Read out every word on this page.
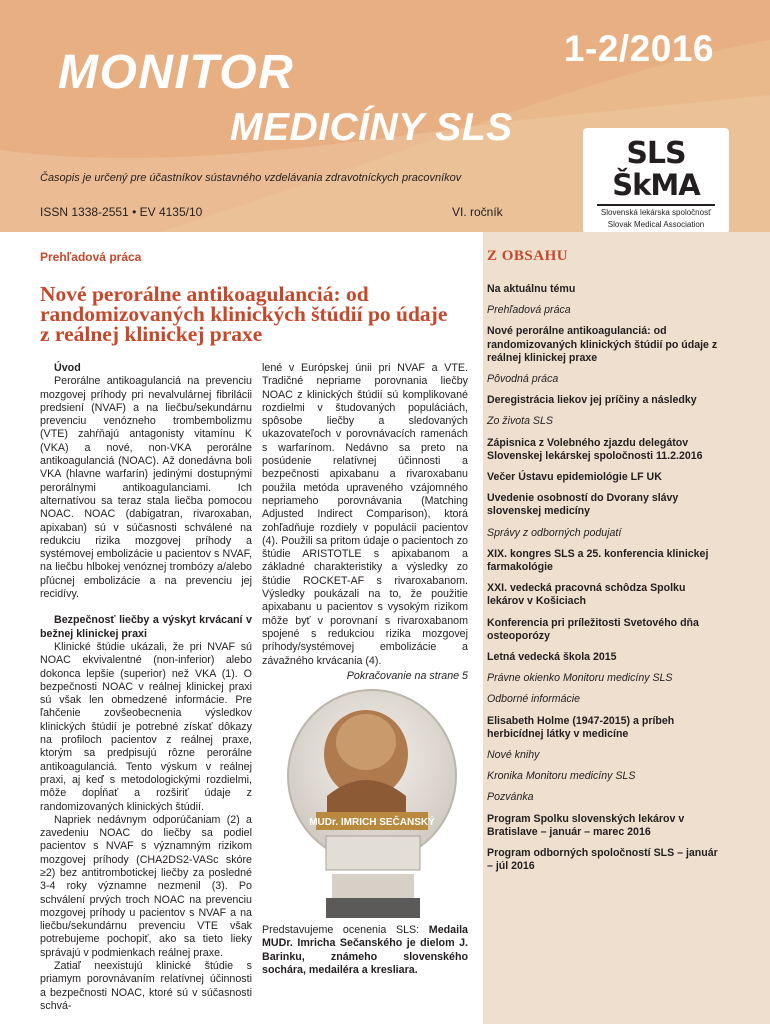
1-2/2016
MONITOR
MEDICÍNY SLS
Časopis je určený pre účastníkov sústavného vzdelávania zdravotníckych pracovníkov
ISSN 1338-2551 • EV 4135/10	VI. ročník
SLS
ŠkMA
Slovenská lekárska spoločnosť
Slovak Medical Association
Prehľadová práca
Nové perorálne antikoagulanciá: od randomizovaných klinických štúdií po údaje z reálnej klinickej praxe
Úvod

Perorálne antikoagulanciá na prevenciu mozgovej príhody pri nevalvulárnej fibrilácii predsiení (NVAF) a na liečbu/sekundárnu prevenciu venózneho trombembolizmu (VTE) zahŕňajú antagonisty vitamínu K (VKA) a nové, non-VKA perorálne antikoagulanciá (NOAC). Až donedávna boli VKA (hlavne warfarín) jedinými dostupnými perorálnymi antikoagulanciami. Ich alternatívou sa teraz stala liečba pomocou NOAC. NOAC (dabigatran, rivaroxaban, apixaban) sú v súčasnosti schválené na redukciu rizika mozgovej príhody a systémovej embolizácie u pacientov s NVAF, na liečbu hlbokej venóznej trombózy a/alebo pľúcnej embolizácie a na prevenciu jej recidívy.

Bezpečnosť liečby a výskyt krvácaní v bežnej klinickej praxi

Klinické štúdie ukázali, že pri NVAF sú NOAC ekvivalentné (non-inferior) alebo dokonca lepšie (superior) než VKA (1). O bezpečnosti NOAC v reálnej klinickej praxi sú však len obmedzené informácie. Pre ľahčenie zovšeobecnenia výsledkov klinických štúdií je potrebné získať dôkazy na profiloch pacientov z reálnej praxe, ktorým sa predpisujú rôzne perorálne antikoagulanciá. Tento výskum v reálnej praxi, aj keď s metodologickými rozdielmi, môže dopĺňať a rozširiť údaje z randomizovaných klinických štúdií.

Napriek nedávnym odporúčaniam (2) a zavedeniu NOAC do liečby sa podiel pacientov s NVAF s významným rizikom mozgovej príhody (CHA2DS2-VASc skóre ≥2) bez antitrombotickej liečby za posledné 3-4 roky významne nezmenil (3). Po schválení prvých troch NOAC na prevenciu mozgovej príhody u pacientov s NVAF a na liečbu/sekundárnu prevenciu VTE však potrebujeme pochopiť, ako sa tieto lieky správajú v podmienkach reálnej praxe.

Zatiaľ neexistujú klinické štúdie s priamym porovnávaním relatívnej účinnosti a bezpečnosti NOAC, ktoré sú v súčasnosti schvá-

lené v Európskej únii pri NVAF a VTE. Tradičné nepriame porovnania liečby NOAC z klinických štúdií sú komplikované rozdielmi v študovaných populáciách, spôsobe liečby a sledovaných ukazovateľoch v porovnávacích ramenách s warfarínom. Nedávno sa preto na posúdenie relatívnej účinnosti a bezpečnosti apixabanu a rivaroxabanu použila metóda upraveného vzájomného nepriameho porovnávania (Matching Adjusted Indirect Comparison), ktorá zohľadňuje rozdiely v populácii pacientov (4). Použili sa pritom údaje o pacientoch zo štúdie ARISTOTLE s apixabanom a základné charakteristiky a výsledky zo štúdie ROCKET-AF s rivaroxabanom. Výsledky poukázali na to, že použitie apixabanu u pacientov s vysokým rizikom môže byť v porovnaní s rivaroxabanom spojené s redukciou rizika mozgovej príhody/systémovej embolizácie a závažného krvácania (4).

Pokračovanie na strane 5
MUDr. IMRICH SEČANSKÝ
Predstavujeme ocenenia SLS: Medaila MUDr. Imricha Sečanského je dielom J. Barinku, známeho slovenského sochára, medailéra a kresliara.
Z OBSAHU
Na aktuálnu tému
Prehľadová práca
Nové perorálne antikoagulanciá: od randomizovaných klinických štúdií po údaje z reálnej klinickej praxe
Pôvodná práca
Deregistrácia liekov jej príčiny a následky
Zo života SLS
Zápisnica z Volebného zjazdu delegátov Slovenskej lekárskej spoločnosti 11.2.2016
Večer Ústavu epidemiológie LF UK
Uvedenie osobností do Dvorany slávy slovenskej medicíny
Správy z odborných podujatí
XIX. kongres SLS a 25. konferencia klinickej farmakológie
XXI. vedecká pracovná schôdza Spolku lekárov v Košiciach
Konferencia pri príležitosti Svetového dňa osteoporózy
Letná vedecká škola 2015
Právne okienko Monitoru medicíny SLS
Odborné informácie
Elisabeth Holme (1947-2015) a príbeh herbicídnej látky v medicíne
Nové knihy
Kronika Monitoru medicíny SLS
Pozvánka
Program Spolku slovenských lekárov v Bratislave – január – marec 2016
Program odborných spoločností SLS – január – júl 2016
